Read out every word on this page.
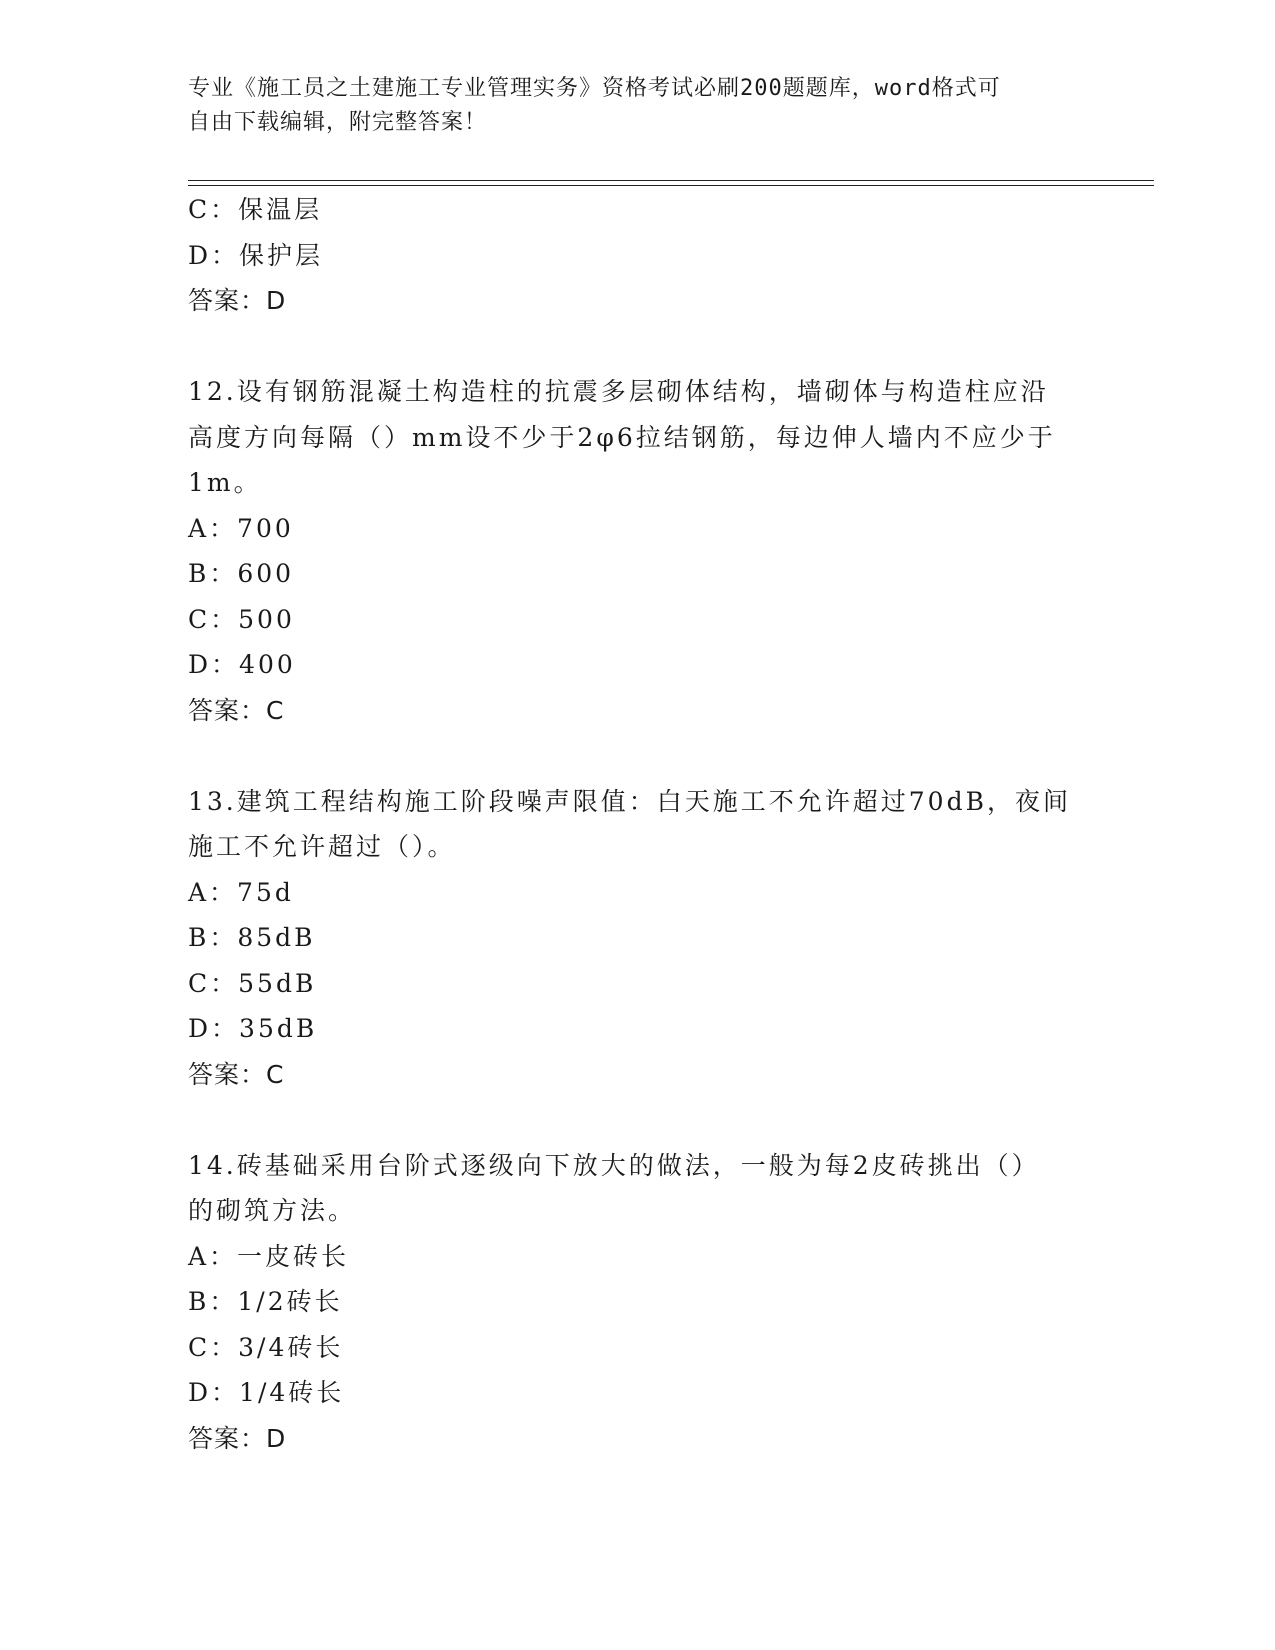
专业《施工员之土建施工专业管理实务》资格考试必刷200题题库，word格式可
自由下载编辑，附完整答案！
C：保温层
D：保护层
答案：D
12.设有钢筋混凝土构造柱的抗震多层砌体结构，墙砌体与构造柱应沿
高度方向每隔（）mm设不少于2φ6拉结钢筋，每边伸人墙内不应少于
1m。
A：700
B：600
C：500
D：400
答案：C
13.建筑工程结构施工阶段噪声限值：白天施工不允许超过70dB，夜间
施工不允许超过（）。
A：75d
B：85dB
C：55dB
D：35dB
答案：C
14.砖基础采用台阶式逐级向下放大的做法，一般为每2皮砖挑出（）
的砌筑方法。
A：一皮砖长
B：1/2砖长
C：3/4砖长
D：1/4砖长
答案：D
